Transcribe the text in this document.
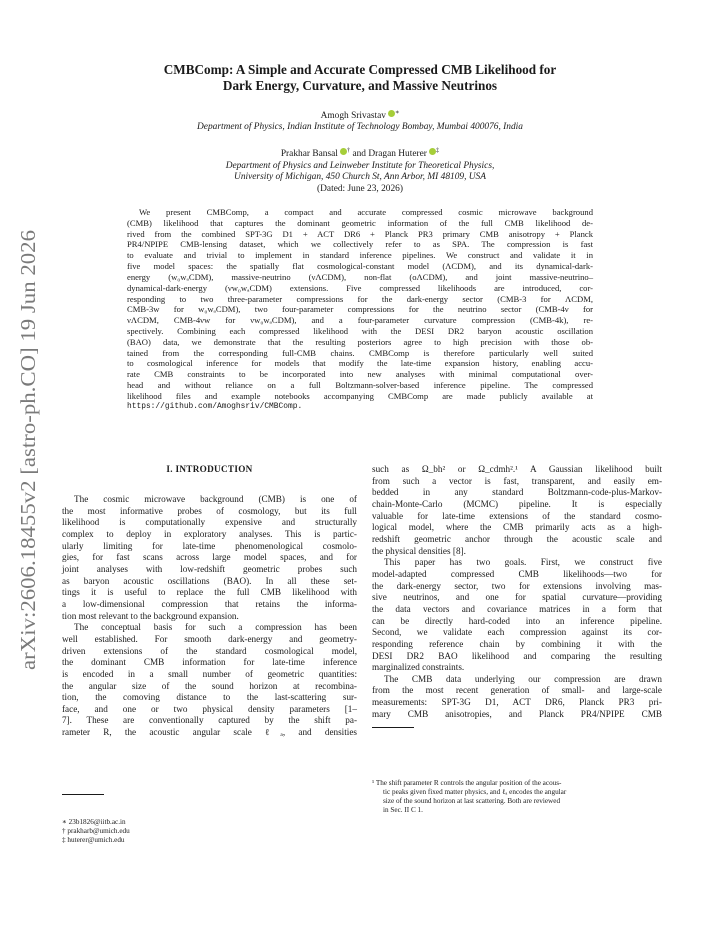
arXiv:2606.18455v2 [astro-ph.CO] 19 Jun 2026
CMBComp: A Simple and Accurate Compressed CMB Likelihood for
Dark Energy, Curvature, and Massive Neutrinos
Amogh Srivastav ∗
Department of Physics, Indian Institute of Technology Bombay, Mumbai 400076, India
Prakhar Bansal † and Dragan Huterer ‡
Department of Physics and Leinweber Institute for Theoretical Physics,
University of Michigan, 450 Church St, Ann Arbor, MI 48109, USA
(Dated: June 23, 2026)
We present CMBComp, a compact and accurate compressed cosmic microwave background
(CMB) likelihood that captures the dominant geometric information of the full CMB likelihood de-
rived from the combined SPT-3G D1 + ACT DR6 + Planck PR3 primary CMB anisotropy + Planck
PR4/NPIPE CMB-lensing dataset, which we collectively refer to as SPA. The compression is fast
to evaluate and trivial to implement in standard inference pipelines. We construct and validate it in
five model spaces: the spatially flat cosmological-constant model (ΛCDM), and its dynamical-dark-
energy (w₀wₐCDM), massive-neutrino (νΛCDM), non-flat (oΛCDM), and joint massive-neutrino–
dynamical-dark-energy (νw₀wₐCDM) extensions. Five compressed likelihoods are introduced, cor-
responding to two three-parameter compressions for the dark-energy sector (CMB-3 for ΛCDM,
CMB-3w for w₀wₐCDM), two four-parameter compressions for the neutrino sector (CMB-4ν for
νΛCDM, CMB-4νw for νw₀wₐCDM), and a four-parameter curvature compression (CMB-4k), re-
spectively. Combining each compressed likelihood with the DESI DR2 baryon acoustic oscillation
(BAO) data, we demonstrate that the resulting posteriors agree to high precision with those ob-
tained from the corresponding full-CMB chains. CMBComp is therefore particularly well suited
to cosmological inference for models that modify the late-time expansion history, enabling accu-
rate CMB constraints to be incorporated into new analyses with minimal computational over-
head and without reliance on a full Boltzmann-solver-based inference pipeline. The compressed
likelihood files and example notebooks accompanying CMBComp are made publicly available at
https://github.com/Amoghsriv/CMBComp.
I. INTRODUCTION
The cosmic microwave background (CMB) is one of
the most informative probes of cosmology, but its full
likelihood is computationally expensive and structurally
complex to deploy in exploratory analyses. This is partic-
ularly limiting for late-time phenomenological cosmolo-
gies, for fast scans across large model spaces, and for
joint analyses with low-redshift geometric probes such
as baryon acoustic oscillations (BAO). In all these set-
tings it is useful to replace the full CMB likelihood with
a low-dimensional compression that retains the informa-
tion most relevant to the background expansion.
The conceptual basis for such a compression has been
well established. For smooth dark-energy and geometry-
driven extensions of the standard cosmological model,
the dominant CMB information for late-time inference
is encoded in a small number of geometric quantities:
the angular size of the sound horizon at recombina-
tion, the comoving distance to the last-scattering sur-
face, and one or two physical density parameters [1–
7]. These are conventionally captured by the shift pa-
rameter R, the acoustic angular scale ℓₐ, and densities
such as Ω_bh² or Ω_cdmh².¹ A Gaussian likelihood built
from such a vector is fast, transparent, and easily em-
bedded in any standard Boltzmann-code-plus-Markov-
chain-Monte-Carlo (MCMC) pipeline. It is especially
valuable for late-time extensions of the standard cosmo-
logical model, where the CMB primarily acts as a high-
redshift geometric anchor through the acoustic scale and
the physical densities [8].
This paper has two goals. First, we construct five
model-adapted compressed CMB likelihoods—two for
the dark-energy sector, two for extensions involving mas-
sive neutrinos, and one for spatial curvature—providing
the data vectors and covariance matrices in a form that
can be directly hard-coded into an inference pipeline.
Second, we validate each compression against its cor-
responding reference chain by combining it with the
DESI DR2 BAO likelihood and comparing the resulting
marginalized constraints.
The CMB data underlying our compression are drawn
from the most recent generation of small- and large-scale
measurements: SPT-3G D1, ACT DR6, Planck PR3 pri-
mary CMB anisotropies, and Planck PR4/NPIPE CMB
∗ 23b1826@iitb.ac.in
† prakharb@umich.edu
‡ huterer@umich.edu
¹ The shift parameter R controls the angular position of the acous-
tic peaks given fixed matter physics, and ℓₐ encodes the angular
size of the sound horizon at last scattering. Both are reviewed
in Sec. II C 1.
